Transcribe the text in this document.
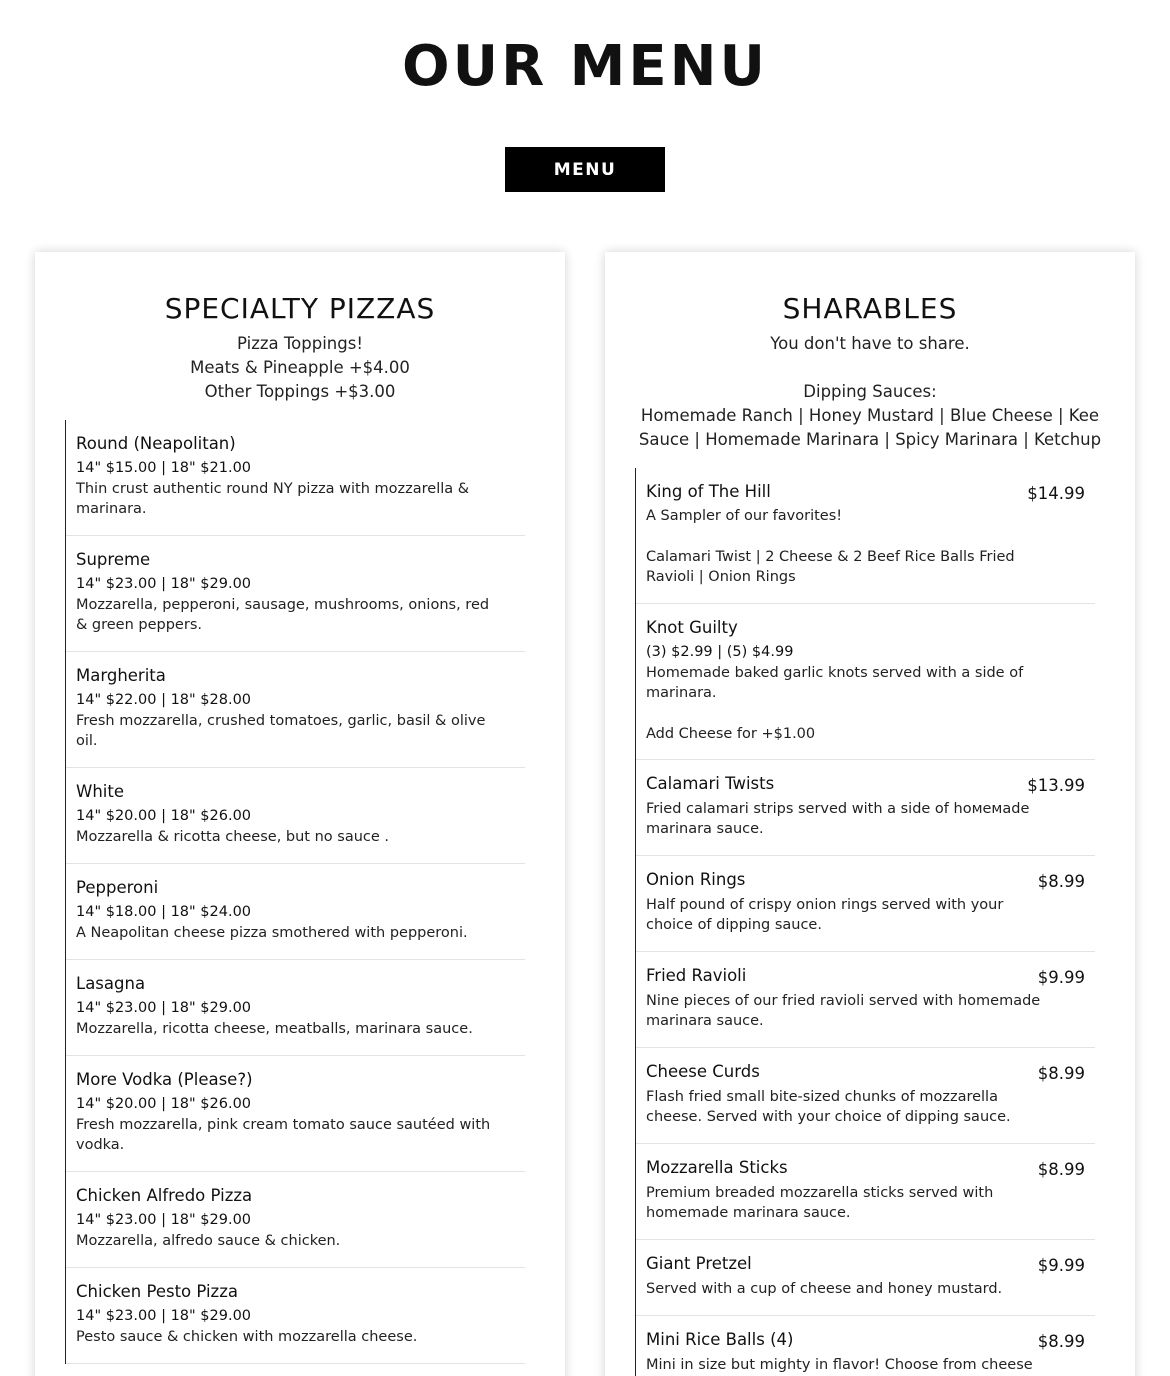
OUR MENU
MENU
SPECIALTY PIZZAS
Pizza Toppings!
Meats & Pineapple +$4.00
Other Toppings +$3.00
Round (Neapolitan)
14" $15.00 | 18" $21.00
Thin crust authentic round NY pizza with mozzarella & marinara.
Supreme
14" $23.00 | 18" $29.00
Mozzarella, pepperoni, sausage, mushrooms, onions, red & green peppers.
Margherita
14" $22.00 | 18" $28.00
Fresh mozzarella, crushed tomatoes, garlic, basil & olive oil.
White
14" $20.00 | 18" $26.00
Mozzarella & ricotta cheese, but no sauce .
Pepperoni
14" $18.00 | 18" $24.00
A Neapolitan cheese pizza smothered with pepperoni.
Lasagna
14" $23.00 | 18" $29.00
Mozzarella, ricotta cheese, meatballs, marinara sauce.
More Vodka (Please?)
14" $20.00 | 18" $26.00
Fresh mozzarella, pink cream tomato sauce sautéed with vodka.
Chicken Alfredo Pizza
14" $23.00 | 18" $29.00
Mozzarella, alfredo sauce & chicken.
Chicken Pesto Pizza
14" $23.00 | 18" $29.00
Pesto sauce & chicken with mozzarella cheese.
SHARABLES
You don't have to share.
Dipping Sauces:
Homemade Ranch | Honey Mustard | Blue Cheese | Kee
Sauce | Homemade Marinara | Spicy Marinara | Ketchup
King of The Hill	$14.99
A Sampler of our favorites!
Calamari Twist | 2 Cheese & 2 Beef Rice Balls Fried Ravioli | Onion Rings
Knot Guilty
(3) $2.99 | (5) $4.99
Homemade baked garlic knots served with a side of marinara.
Add Cheese for +$1.00
Calamari Twists	$13.99
Fried calamari strips served with a side of hoмeмade marinara sauce.
Onion Rings	$8.99
Half pound of crispy onion rings served with your choice of dipping sauce.
Fried Ravioli	$9.99
Nine pieces of our fried ravioli served with homemade marinara sauce.
Cheese Curds	$8.99
Flash fried small bite-sized chunks of mozzarella cheese. Served with your choice of dipping sauce.
Mozzarella Sticks	$8.99
Premium breaded mozzarella sticks served with homemade marinara sauce.
Giant Pretzel	$9.99
Served with a cup of cheese and honey mustard.
Mini Rice Balls (4)	$8.99
Mini in size but mighty in flavor! Choose from cheese
